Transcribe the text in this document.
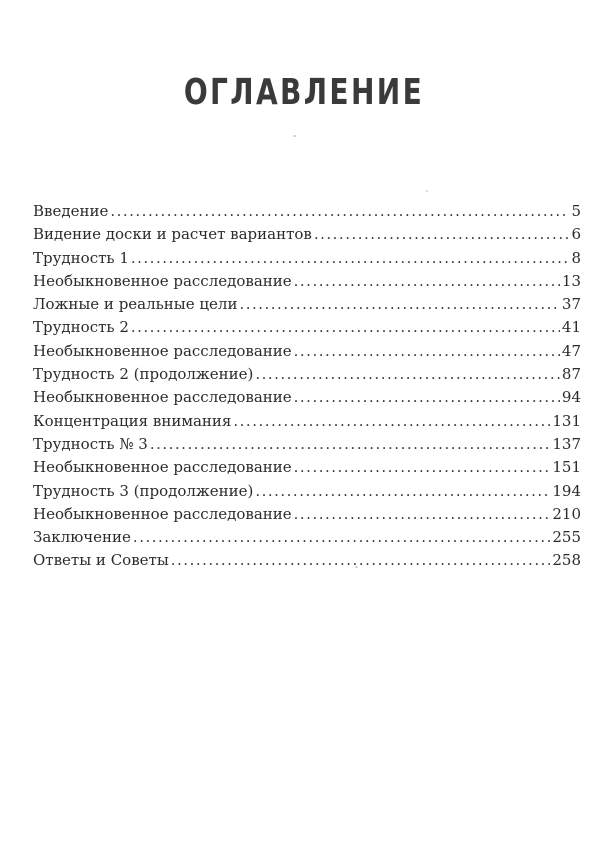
ОГЛАВЛЕНИЕ
Введение .....	5
Видение доски и расчет вариантов .....	6
Трудность 1 .....	8
Необыкновенное расследование .....	13
Ложные и реальные цели .....	37
Трудность 2 .....	41
Необыкновенное расследование .....	47
Трудность 2 (продолжение) .....	87
Необыкновенное расследование .....	94
Концентрация внимания .....	131
Трудность № 3 .....	137
Необыкновенное расследование .....	151
Трудность 3 (продолжение) .....	194
Необыкновенное расследование .....	210
Заключение .....	255
Ответы и Советы .....	258
